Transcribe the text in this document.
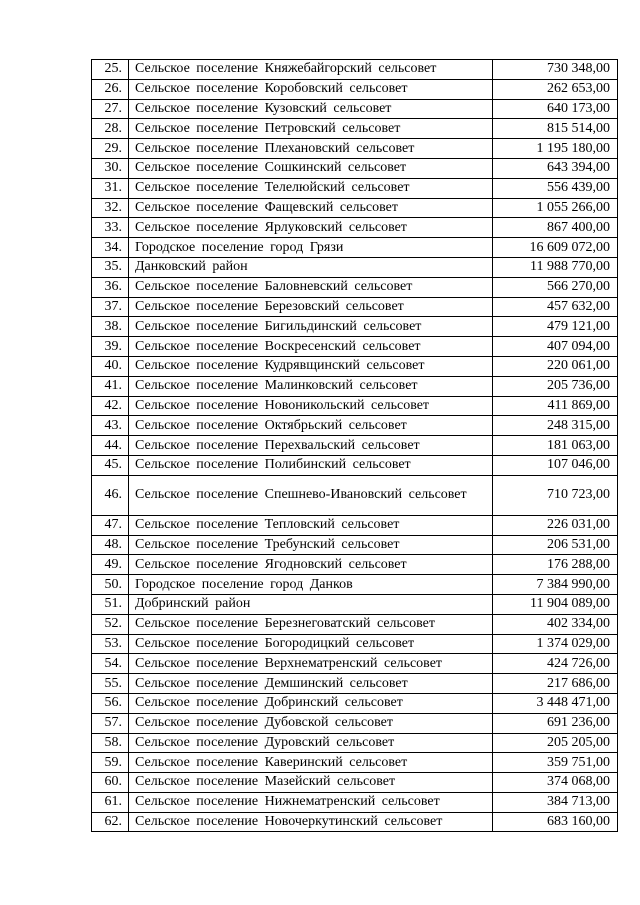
25.	Сельское поселение Княжебайгорский сельсовет	730 348,00
26.	Сельское поселение Коробовский сельсовет	262 653,00
27.	Сельское поселение Кузовский сельсовет	640 173,00
28.	Сельское поселение Петровский сельсовет	815 514,00
29.	Сельское поселение Плехановский сельсовет	1 195 180,00
30.	Сельское поселение Сошкинский сельсовет	643 394,00
31.	Сельское поселение Телелюйский сельсовет	556 439,00
32.	Сельское поселение Фащевский сельсовет	1 055 266,00
33.	Сельское поселение Ярлуковский сельсовет	867 400,00
34.	Городское поселение город Грязи	16 609 072,00
35.	Данковский район	11 988 770,00
36.	Сельское поселение Баловневский сельсовет	566 270,00
37.	Сельское поселение Березовский сельсовет	457 632,00
38.	Сельское поселение Бигильдинский сельсовет	479 121,00
39.	Сельское поселение Воскресенский сельсовет	407 094,00
40.	Сельское поселение Кудрявщинский сельсовет	220 061,00
41.	Сельское поселение Малинковский сельсовет	205 736,00
42.	Сельское поселение Новоникольский сельсовет	411 869,00
43.	Сельское поселение Октябрьский сельсовет	248 315,00
44.	Сельское поселение Перехвальский сельсовет	181 063,00
45.	Сельское поселение Полибинский сельсовет	107 046,00
46.	Сельское поселение Спешнево-Ивановский сельсовет	710 723,00
47.	Сельское поселение Тепловский сельсовет	226 031,00
48.	Сельское поселение Требунский сельсовет	206 531,00
49.	Сельское поселение Ягодновский сельсовет	176 288,00
50.	Городское поселение город Данков	7 384 990,00
51.	Добринский район	11 904 089,00
52.	Сельское поселение Березнеговатский сельсовет	402 334,00
53.	Сельское поселение Богородицкий сельсовет	1 374 029,00
54.	Сельское поселение Верхнематренский сельсовет	424 726,00
55.	Сельское поселение Демшинский сельсовет	217 686,00
56.	Сельское поселение Добринский сельсовет	3 448 471,00
57.	Сельское поселение Дубовской сельсовет	691 236,00
58.	Сельское поселение Дуровский сельсовет	205 205,00
59.	Сельское поселение Каверинский сельсовет	359 751,00
60.	Сельское поселение Мазейский сельсовет	374 068,00
61.	Сельское поселение Нижнематренский сельсовет	384 713,00
62.	Сельское поселение Новочеркутинский сельсовет	683 160,00
